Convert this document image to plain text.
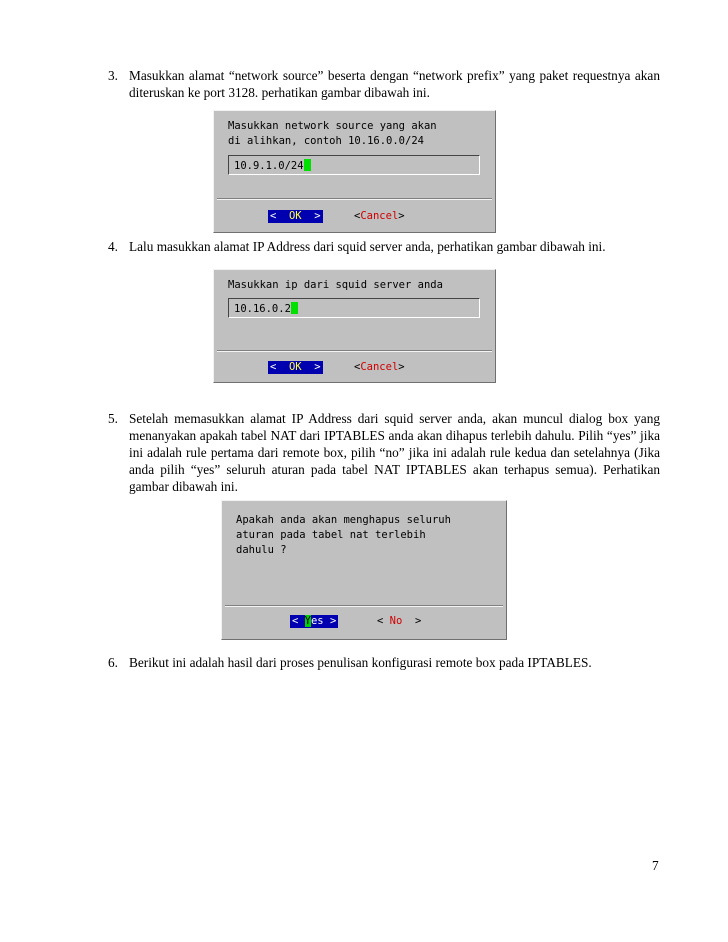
3. Masukkan alamat “network source” beserta dengan “network prefix” yang paket requestnya akan diteruskan ke port 3128. perhatikan gambar dibawah ini.
Masukkan network source yang akan
di alihkan, contoh 10.16.0.0/24
10.9.1.0/24
<  OK  >	<Cancel>
4. Lalu masukkan alamat IP Address dari squid server anda, perhatikan gambar dibawah ini.
Masukkan ip dari squid server anda
10.16.0.2
<  OK  >	<Cancel>
5. Setelah memasukkan alamat IP Address dari squid server anda, akan muncul dialog box yang menanyakan apakah tabel NAT dari IPTABLES anda akan dihapus terlebih dahulu. Pilih “yes” jika ini adalah rule pertama dari remote box, pilih “no” jika ini adalah rule kedua dan setelahnya (Jika anda pilih “yes” seluruh aturan pada tabel NAT IPTABLES akan terhapus semua). Perhatikan gambar dibawah ini.
Apakah anda akan menghapus seluruh
aturan pada tabel nat terlebih
dahulu ?
< Yes >	< No  >
6. Berikut ini adalah hasil dari proses penulisan konfigurasi remote box pada IPTABLES.
7
